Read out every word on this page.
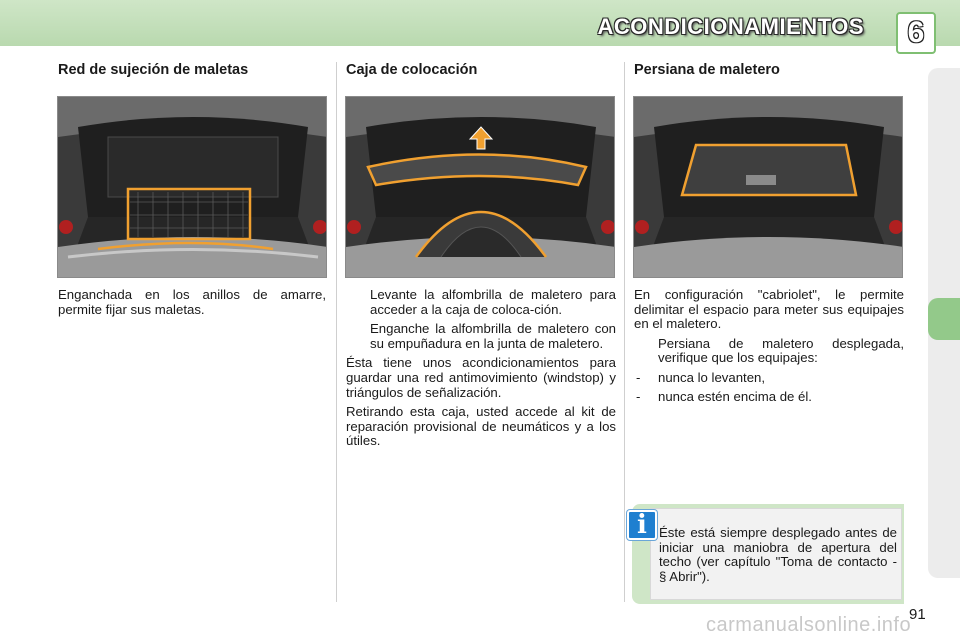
ACONDICIONAMIENTOS	6
Red de sujeción de maletas

Enganchada en los anillos de amarre, permite fijar sus maletas.

Caja de colocación
Levante la alfombrilla de maletero para acceder a la caja de coloca-ción.
Enganche la alfombrilla de maletero con su empuñadura en la junta de maletero.

Ésta tiene unos acondicionamientos para guardar una red antimovimiento (windstop) y triángulos de señalización.

Retirando esta caja, usted accede al kit de reparación provisional de neumáticos y a los útiles.

Persiana de maletero

En configuración "cabriolet", le permite delimitar el espacio para meter sus equipajes en el maletero.

Persiana de maletero desplegada, verifique que los equipajes:
-	nunca lo levanten,
-	nunca estén encima de él.
i Éste está siempre desplegado antes de iniciar una maniobra de apertura del techo (ver capítulo "Toma de contacto - § Abrir").
91
carmanualsonline.info
